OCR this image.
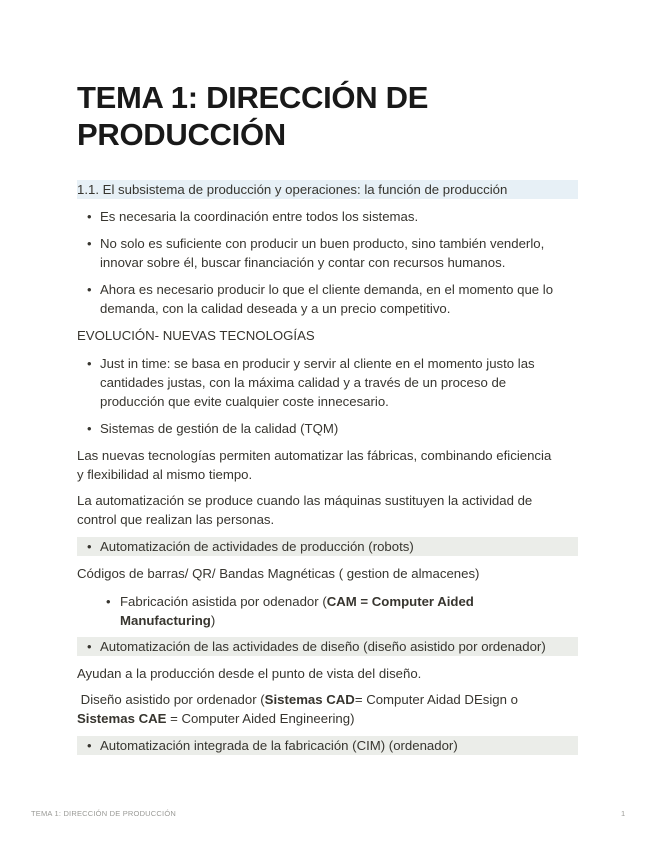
TEMA 1: DIRECCIÓN DE
PRODUCCIÓN
1.1. El subsistema de producción y operaciones: la función de producción
• Es necesaria la coordinación entre todos los sistemas.
• No solo es suficiente con producir un buen producto, sino también venderlo,
innovar sobre él, buscar financiación y contar con recursos humanos.
• Ahora es necesario producir lo que el cliente demanda, en el momento que lo
demanda, con la calidad deseada y a un precio competitivo.
EVOLUCIÓN- NUEVAS TECNOLOGÍAS
• Just in time: se basa en producir y servir al cliente en el momento justo las
cantidades justas, con la máxima calidad y a través de un proceso de
producción que evite cualquier coste innecesario.
• Sistemas de gestión de la calidad (TQM)
Las nuevas tecnologías permiten automatizar las fábricas, combinando eficiencia
y flexibilidad al mismo tiempo.
La automatización se produce cuando las máquinas sustituyen la actividad de
control que realizan las personas.
• Automatización de actividades de producción (robots)
Códigos de barras/ QR/ Bandas Magnéticas ( gestion de almacenes)
• Fabricación asistida por odenador (CAM = Computer Aided
Manufacturing)
• Automatización de las actividades de diseño (diseño asistido por ordenador)
Ayudan a la producción desde el punto de vista del diseño.
Diseño asistido por ordenador (Sistemas CAD= Computer Aidad DEsign o
Sistemas CAE = Computer Aided Engineering)
• Automatización integrada de la fabricación (CIM) (ordenador)
TEMA 1: DIRECCIÓN DE PRODUCCIÓN	1
